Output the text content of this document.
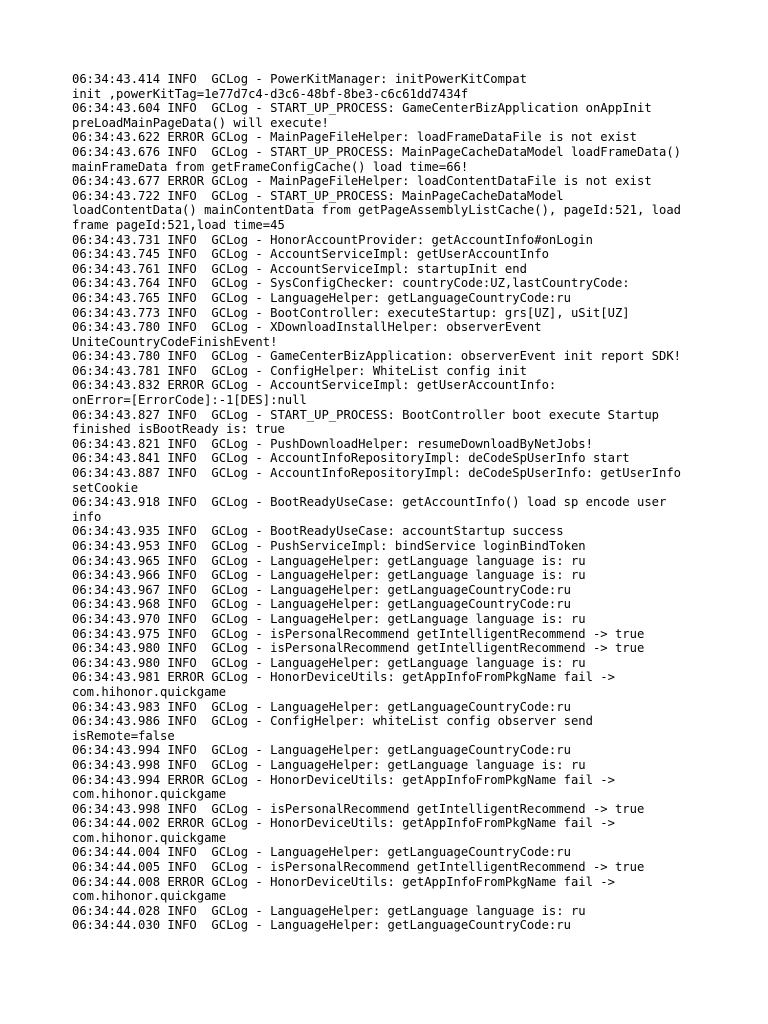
06:34:43.414 INFO  GCLog - PowerKitManager: initPowerKitCompat
init ,powerKitTag=1e77d7c4-d3c6-48bf-8be3-c6c61dd7434f

06:34:43.604 INFO  GCLog - START_UP_PROCESS: GameCenterBizApplication onAppInit
preLoadMainPageData() will execute!

06:34:43.622 ERROR GCLog - MainPageFileHelper: loadFrameDataFile is not exist

06:34:43.676 INFO  GCLog - START_UP_PROCESS: MainPageCacheDataModel loadFrameData()
mainFrameData from getFrameConfigCache() load time=66!

06:34:43.677 ERROR GCLog - MainPageFileHelper: loadContentDataFile is not exist

06:34:43.722 INFO  GCLog - START_UP_PROCESS: MainPageCacheDataModel
loadContentData() mainContentData from getPageAssemblyListCache(), pageId:521, load
frame pageId:521,load time=45

06:34:43.731 INFO  GCLog - HonorAccountProvider: getAccountInfo#onLogin

06:34:43.745 INFO  GCLog - AccountServiceImpl: getUserAccountInfo

06:34:43.761 INFO  GCLog - AccountServiceImpl: startupInit end

06:34:43.764 INFO  GCLog - SysConfigChecker: countryCode:UZ,lastCountryCode:

06:34:43.765 INFO  GCLog - LanguageHelper: getLanguageCountryCode:ru

06:34:43.773 INFO  GCLog - BootController: executeStartup: grs[UZ], uSit[UZ]

06:34:43.780 INFO  GCLog - XDownloadInstallHelper: observerEvent
UniteCountryCodeFinishEvent!

06:34:43.780 INFO  GCLog - GameCenterBizApplication: observerEvent init report SDK!

06:34:43.781 INFO  GCLog - ConfigHelper: WhiteList config init

06:34:43.832 ERROR GCLog - AccountServiceImpl: getUserAccountInfo:
onError=[ErrorCode]:-1[DES]:null

06:34:43.827 INFO  GCLog - START_UP_PROCESS: BootController boot execute Startup
finished isBootReady is: true

06:34:43.821 INFO  GCLog - PushDownloadHelper: resumeDownloadByNetJobs!

06:34:43.841 INFO  GCLog - AccountInfoRepositoryImpl: deCodeSpUserInfo start

06:34:43.887 INFO  GCLog - AccountInfoRepositoryImpl: deCodeSpUserInfo: getUserInfo
setCookie

06:34:43.918 INFO  GCLog - BootReadyUseCase: getAccountInfo() load sp encode user
info

06:34:43.935 INFO  GCLog - BootReadyUseCase: accountStartup success

06:34:43.953 INFO  GCLog - PushServiceImpl: bindService loginBindToken

06:34:43.965 INFO  GCLog - LanguageHelper: getLanguage language is: ru

06:34:43.966 INFO  GCLog - LanguageHelper: getLanguage language is: ru

06:34:43.967 INFO  GCLog - LanguageHelper: getLanguageCountryCode:ru

06:34:43.968 INFO  GCLog - LanguageHelper: getLanguageCountryCode:ru

06:34:43.970 INFO  GCLog - LanguageHelper: getLanguage language is: ru

06:34:43.975 INFO  GCLog - isPersonalRecommend getIntelligentRecommend -> true

06:34:43.980 INFO  GCLog - isPersonalRecommend getIntelligentRecommend -> true

06:34:43.980 INFO  GCLog - LanguageHelper: getLanguage language is: ru

06:34:43.981 ERROR GCLog - HonorDeviceUtils: getAppInfoFromPkgName fail ->
com.hihonor.quickgame

06:34:43.983 INFO  GCLog - LanguageHelper: getLanguageCountryCode:ru

06:34:43.986 INFO  GCLog - ConfigHelper: whiteList config observer send
isRemote=false

06:34:43.994 INFO  GCLog - LanguageHelper: getLanguageCountryCode:ru

06:34:43.998 INFO  GCLog - LanguageHelper: getLanguage language is: ru

06:34:43.994 ERROR GCLog - HonorDeviceUtils: getAppInfoFromPkgName fail ->
com.hihonor.quickgame

06:34:43.998 INFO  GCLog - isPersonalRecommend getIntelligentRecommend -> true

06:34:44.002 ERROR GCLog - HonorDeviceUtils: getAppInfoFromPkgName fail ->
com.hihonor.quickgame

06:34:44.004 INFO  GCLog - LanguageHelper: getLanguageCountryCode:ru

06:34:44.005 INFO  GCLog - isPersonalRecommend getIntelligentRecommend -> true

06:34:44.008 ERROR GCLog - HonorDeviceUtils: getAppInfoFromPkgName fail ->
com.hihonor.quickgame

06:34:44.028 INFO  GCLog - LanguageHelper: getLanguage language is: ru

06:34:44.030 INFO  GCLog - LanguageHelper: getLanguageCountryCode:ru
